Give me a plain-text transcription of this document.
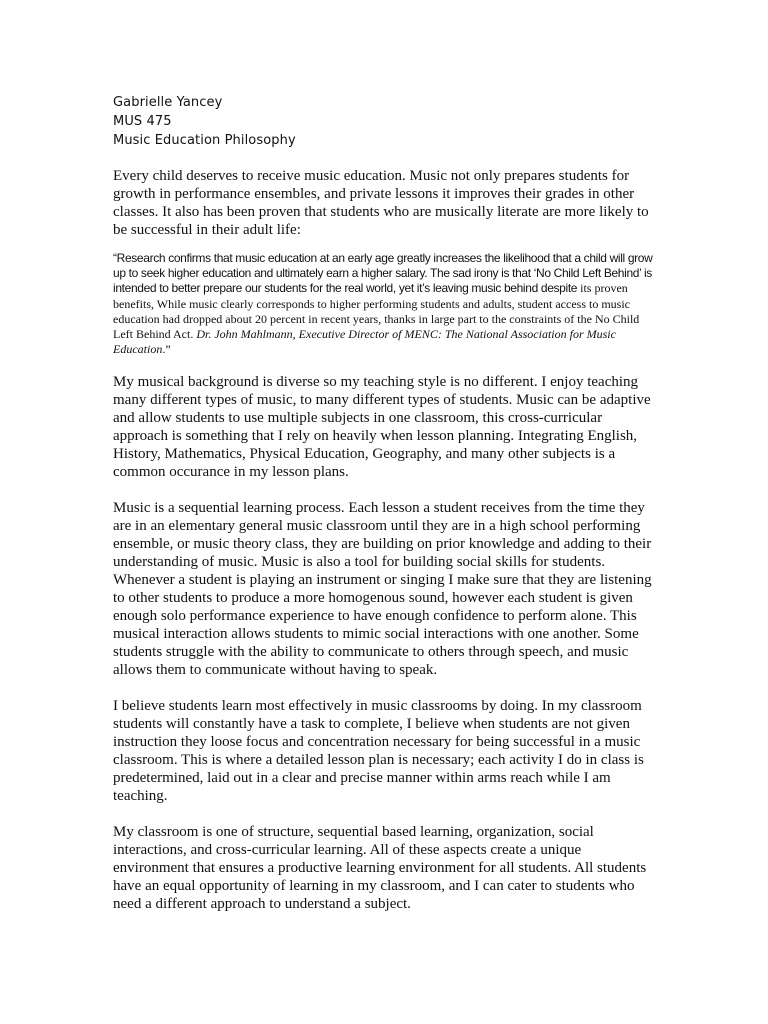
Gabrielle Yancey
MUS 475
Music Education Philosophy

Every child deserves to receive music education. Music not only prepares students for growth in performance ensembles, and private lessons it improves their grades in other classes. It also has been proven that students who are musically literate are more likely to be successful in their adult life:

“Research confirms that music education at an early age greatly increases the likelihood that a child will grow up to seek higher education and ultimately earn a higher salary. The sad irony is that ‘No Child Left Behind’ is intended to better prepare our students for the real world, yet it’s leaving music behind despite its proven benefits, While music clearly corresponds to higher performing students and adults, student access to music education had dropped about 20 percent in recent years, thanks in large part to the constraints of the No Child Left Behind Act. Dr. John Mahlmann, Executive Director of MENC: The National Association for Music Education.”

My musical background is diverse so my teaching style is no different. I enjoy teaching many different types of music, to many different types of students. Music can be adaptive and allow students to use multiple subjects in one classroom, this cross-curricular approach is something that I rely on heavily when lesson planning. Integrating English, History, Mathematics, Physical Education, Geography, and many other subjects is a common occurance in my lesson plans.

Music is a sequential learning process. Each lesson a student receives from the time they are in an elementary general music classroom until they are in a high school performing ensemble, or music theory class, they are building on prior knowledge and adding to their understanding of music. Music is also a tool for building social skills for students. Whenever a student is playing an instrument or singing I make sure that they are listening to other students to produce a more homogenous sound, however each student is given enough solo performance experience to have enough confidence to perform alone. This musical interaction allows students to mimic social interactions with one another. Some students struggle with the ability to communicate to others through speech, and music allows them to communicate without having to speak.

I believe students learn most effectively in music classrooms by doing. In my classroom students will constantly have a task to complete, I believe when students are not given instruction they loose focus and concentration necessary for being successful in a music classroom. This is where a detailed lesson plan is necessary; each activity I do in class is predetermined, laid out in a clear and precise manner within arms reach while I am teaching.

My classroom is one of structure, sequential based learning, organization, social interactions, and cross-curricular learning. All of these aspects create a unique environment that ensures a productive learning environment for all students. All students have an equal opportunity of learning in my classroom, and I can cater to students who need a different approach to understand a subject.
